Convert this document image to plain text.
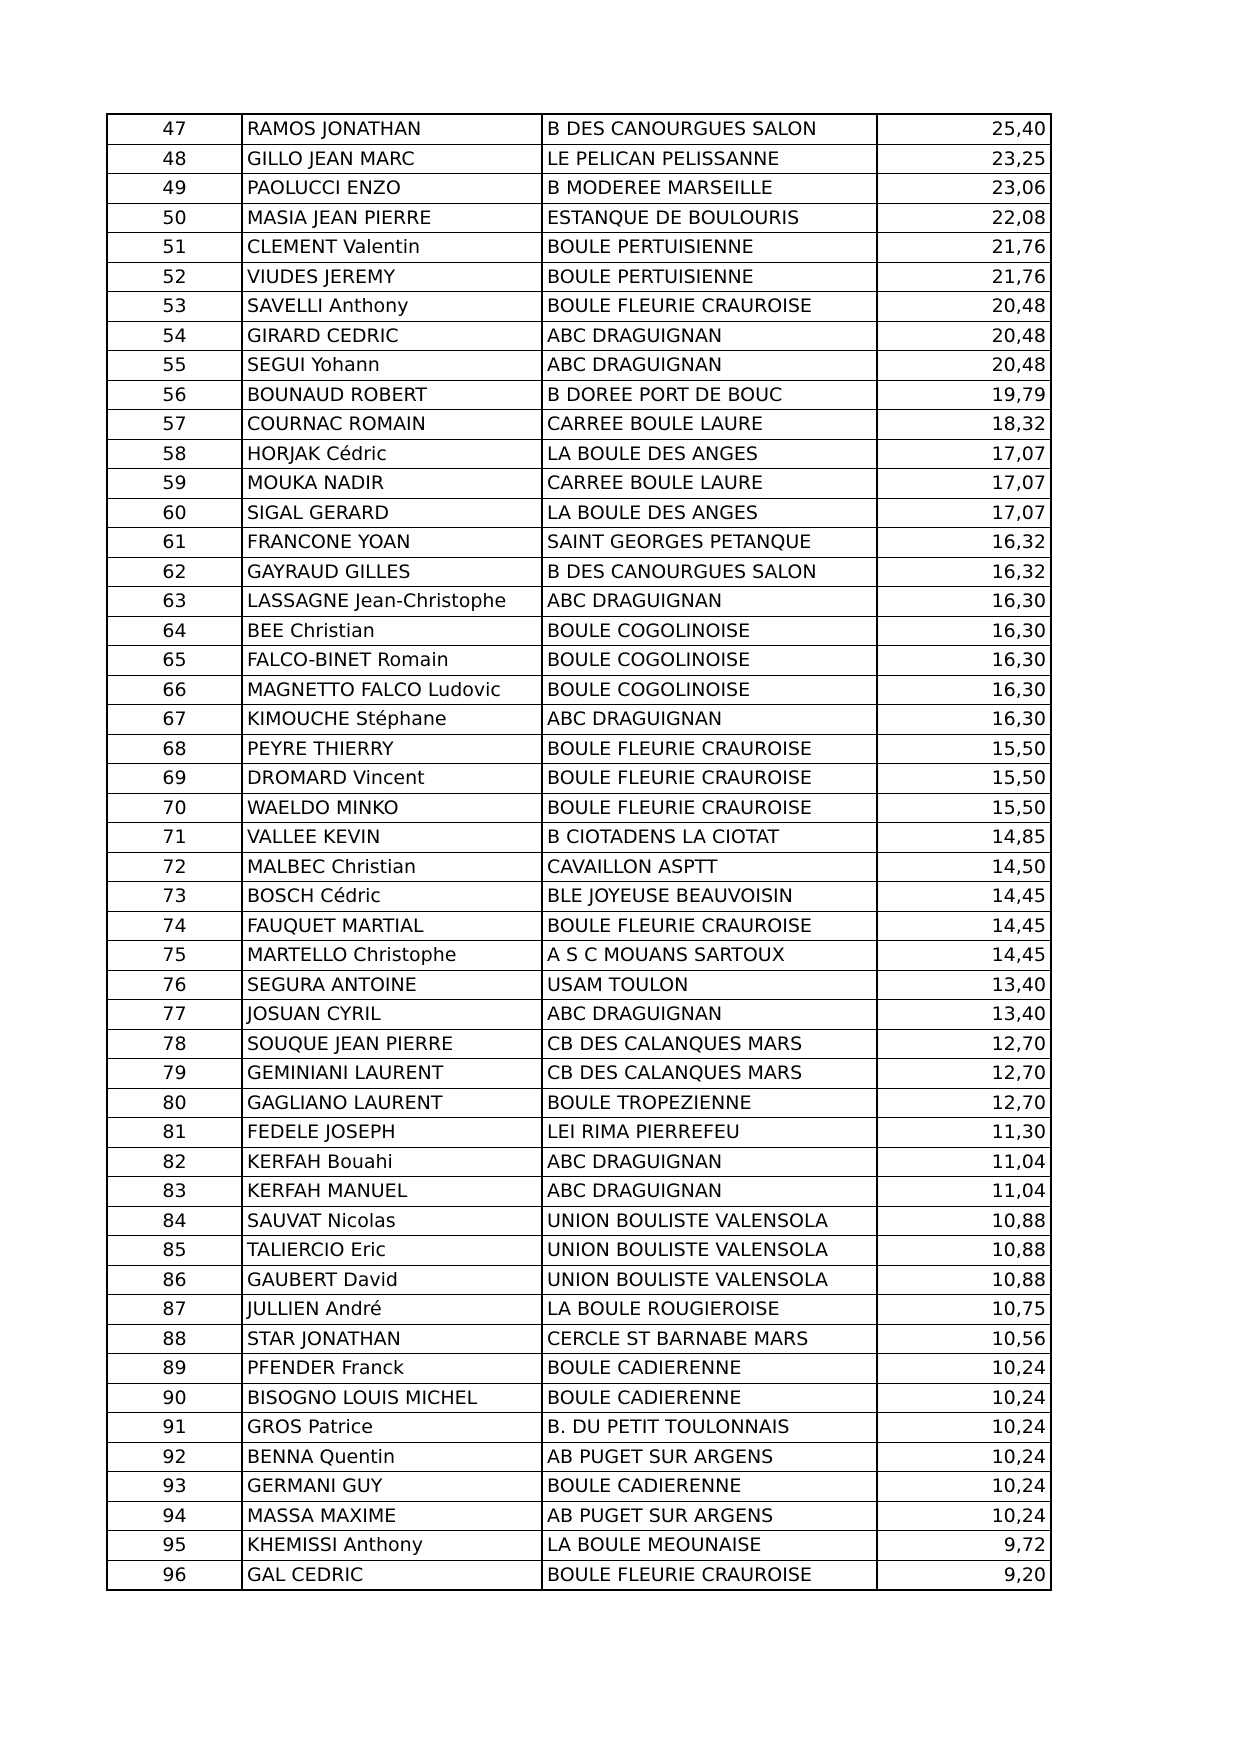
47	RAMOS JONATHAN	B DES CANOURGUES SALON	25,40
48	GILLO JEAN MARC	LE PELICAN PELISSANNE	23,25
49	PAOLUCCI ENZO	B MODEREE MARSEILLE	23,06
50	MASIA JEAN PIERRE	ESTANQUE DE BOULOURIS	22,08
51	CLEMENT Valentin	BOULE PERTUISIENNE	21,76
52	VIUDES JEREMY	BOULE PERTUISIENNE	21,76
53	SAVELLI Anthony	BOULE FLEURIE CRAUROISE	20,48
54	GIRARD CEDRIC	ABC DRAGUIGNAN	20,48
55	SEGUI Yohann	ABC DRAGUIGNAN	20,48
56	BOUNAUD ROBERT	B DOREE PORT DE BOUC	19,79
57	COURNAC ROMAIN	CARREE BOULE LAURE	18,32
58	HORJAK Cédric	LA BOULE DES ANGES	17,07
59	MOUKA NADIR	CARREE BOULE LAURE	17,07
60	SIGAL GERARD	LA BOULE DES ANGES	17,07
61	FRANCONE YOAN	SAINT GEORGES PETANQUE	16,32
62	GAYRAUD GILLES	B DES CANOURGUES SALON	16,32
63	LASSAGNE Jean-Christophe	ABC DRAGUIGNAN	16,30
64	BEE Christian	BOULE COGOLINOISE	16,30
65	FALCO-BINET Romain	BOULE COGOLINOISE	16,30
66	MAGNETTO FALCO Ludovic	BOULE COGOLINOISE	16,30
67	KIMOUCHE Stéphane	ABC DRAGUIGNAN	16,30
68	PEYRE THIERRY	BOULE FLEURIE CRAUROISE	15,50
69	DROMARD Vincent	BOULE FLEURIE CRAUROISE	15,50
70	WAELDO MINKO	BOULE FLEURIE CRAUROISE	15,50
71	VALLEE KEVIN	B CIOTADENS LA CIOTAT	14,85
72	MALBEC Christian	CAVAILLON ASPTT	14,50
73	BOSCH Cédric	BLE JOYEUSE BEAUVOISIN	14,45
74	FAUQUET MARTIAL	BOULE FLEURIE CRAUROISE	14,45
75	MARTELLO Christophe	A S C MOUANS SARTOUX	14,45
76	SEGURA ANTOINE	USAM TOULON	13,40
77	JOSUAN CYRIL	ABC DRAGUIGNAN	13,40
78	SOUQUE JEAN PIERRE	CB DES CALANQUES MARS	12,70
79	GEMINIANI LAURENT	CB DES CALANQUES MARS	12,70
80	GAGLIANO LAURENT	BOULE TROPEZIENNE	12,70
81	FEDELE JOSEPH	LEI RIMA PIERREFEU	11,30
82	KERFAH Bouahi	ABC DRAGUIGNAN	11,04
83	KERFAH MANUEL	ABC DRAGUIGNAN	11,04
84	SAUVAT Nicolas	UNION BOULISTE VALENSOLA	10,88
85	TALIERCIO Eric	UNION BOULISTE VALENSOLA	10,88
86	GAUBERT David	UNION BOULISTE VALENSOLA	10,88
87	JULLIEN André	LA BOULE ROUGIEROISE	10,75
88	STAR JONATHAN	CERCLE ST BARNABE MARS	10,56
89	PFENDER Franck	BOULE CADIERENNE	10,24
90	BISOGNO LOUIS MICHEL	BOULE CADIERENNE	10,24
91	GROS Patrice	B. DU PETIT TOULONNAIS	10,24
92	BENNA Quentin	AB PUGET SUR ARGENS	10,24
93	GERMANI GUY	BOULE CADIERENNE	10,24
94	MASSA MAXIME	AB PUGET SUR ARGENS	10,24
95	KHEMISSI Anthony	LA BOULE MEOUNAISE	9,72
96	GAL CEDRIC	BOULE FLEURIE CRAUROISE	9,20
